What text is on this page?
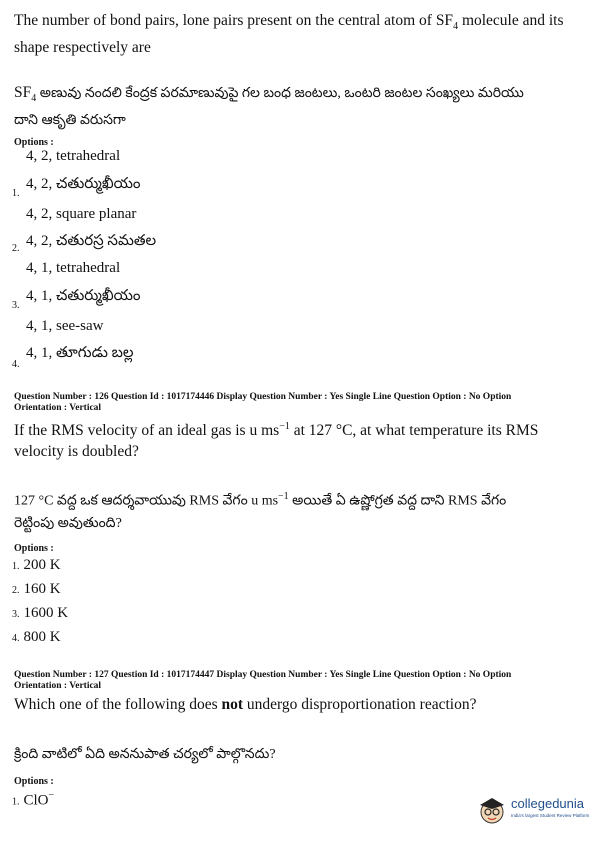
The number of bond pairs, lone pairs present on the central atom of $SF_4$ molecule and its
shape respectively are
$SF_4$ అణువు నందలి కేంద్రక పరమాణువుపై గల బంధ జంటలు, ఒంటరి జంటల సంఖ్యలు మరియు
దాని ఆకృతి వరుసగా
Options :
4, 2, tetrahedral
1.
4, 2, చతుర్ముఖీయం
4, 2, square planar
2. 4, 2, చతురస్ర సమతల
4, 1, tetrahedral
3.
4, 1, చతుర్ముఖీయం
4, 1, see-saw
4.
4, 1, తూగుడు బల్ల
Question Number : 126 Question Id : 1017174446 Display Question Number : Yes Single Line Question Option : No Option
Orientation : Vertical
If the RMS velocity of an ideal gas is u $ms^{-1}$ at 127 °C, at what temperature its RMS
velocity is doubled?
127 °C వద్ద ఒక ఆదర్శవాయువు RMS వేగం u $ms^{-1}$ అయితే ఏ ఉష్ణోగ్రత వద్ద దాని RMS వేగం
రెట్టింపు అవుతుంది?
Options :
1. 200 K
2. 160 K
3. 1600 K
4. 800 K
Question Number : 127 Question Id : 1017174447 Display Question Number : Yes Single Line Question Option : No Option
Orientation : Vertical
Which one of the following does not undergo disproportionation reaction?
క్రింది వాటిలో ఏది అననుపాత చర్యలో పాల్గొనదు?
Options :
1. ClO−
collegedunia
India's largest Student Review Platform
